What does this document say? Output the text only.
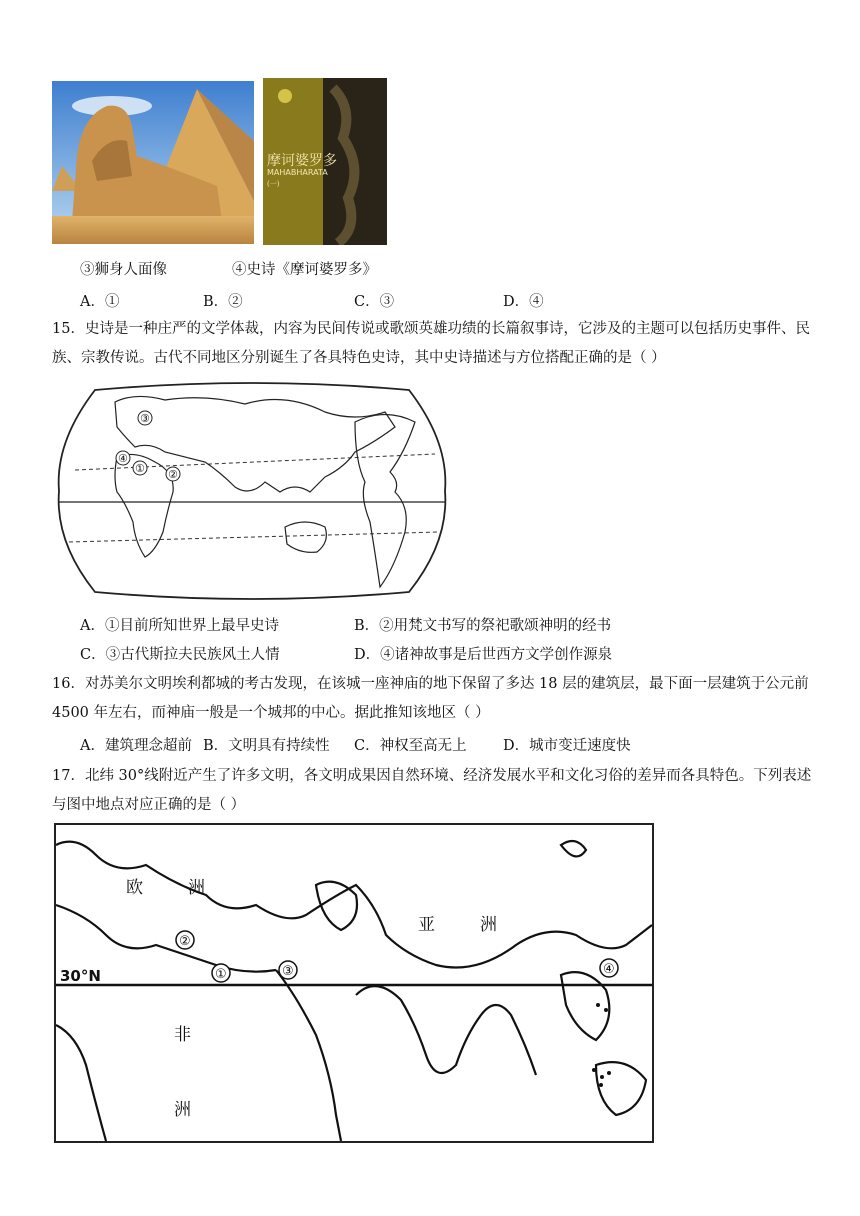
摩诃婆罗多
MAHABHARATA
(一)
③狮身人面像	④史诗《摩诃婆罗多》
A．①	B．②	C．③	D．④
15．史诗是一种庄严的文学体裁，内容为民间传说或歌颂英雄功绩的长篇叙事诗，它涉及的主题可以包括历史事件、民族、宗教传说。古代不同地区分别诞生了各具特色史诗，其中史诗描述与方位搭配正确的是（ ）
③
④
① ②
A．①目前所知世界上最早史诗	B．②用梵文书写的祭祀歌颂神明的经书
C．③古代斯拉夫民族风土人情	D．④诸神故事是后世西方文学创作源泉
16．对苏美尔文明埃利都城的考古发现，在该城一座神庙的地下保留了多达 18 层的建筑层，最下面一层建筑于公元前 4500 年左右，而神庙一般是一个城邦的中心。据此推知该地区（ ）
A．建筑理念超前 B．文明具有持续性 C．神权至高无上	D．城市变迁速度快
17．北纬 30°线附近产生了许多文明，各文明成果因自然环境、经济发展水平和文化习俗的差异而各具特色。下列表述与图中地点对应正确的是（ ）
30°N
欧	洲
亚	洲
非
洲
②
①	③	④
